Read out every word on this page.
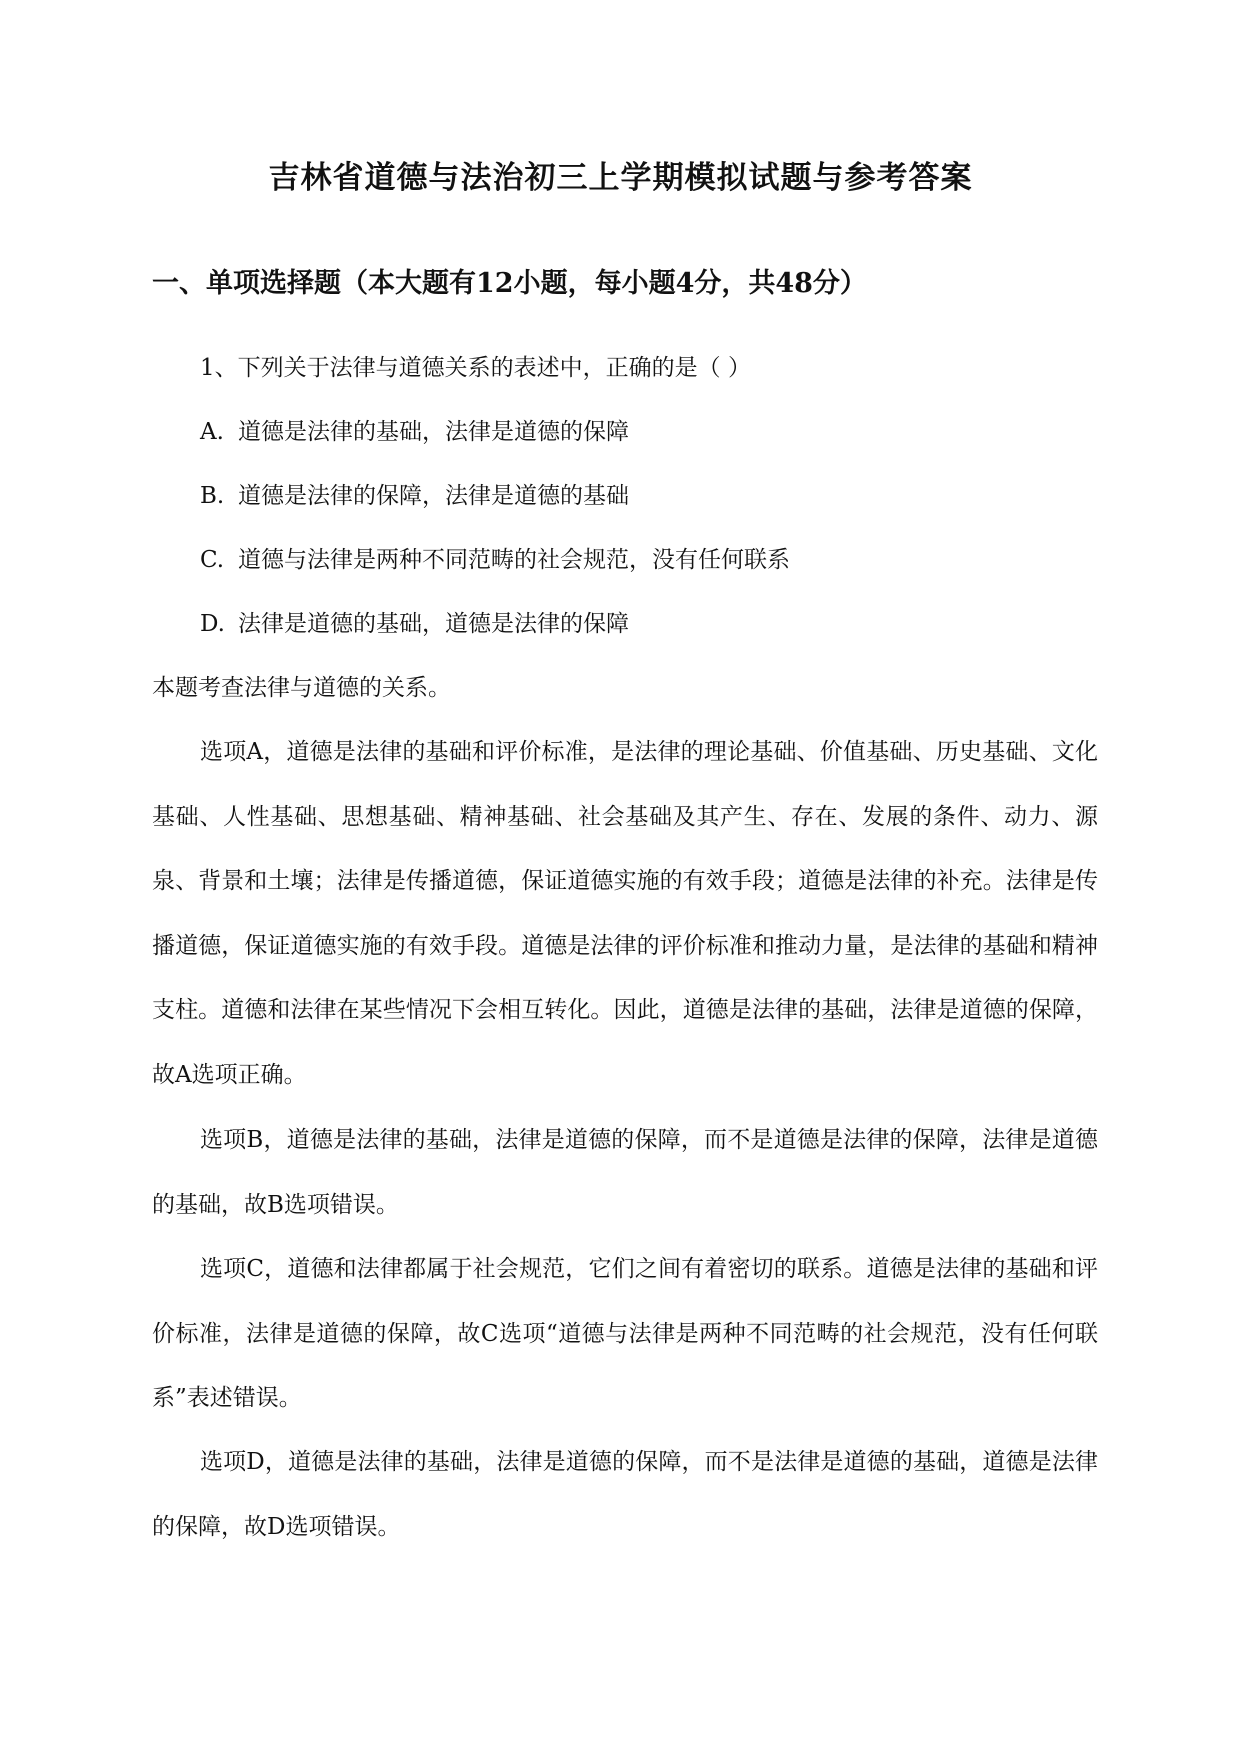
吉林省道德与法治初三上学期模拟试题与参考答案
一、单项选择题（本大题有12小题，每小题4分，共48分）

1、下列关于法律与道德关系的表述中，正确的是（ ）

A. 道德是法律的基础，法律是道德的保障
B. 道德是法律的保障，法律是道德的基础
C. 道德与法律是两种不同范畴的社会规范，没有任何联系
D. 法律是道德的基础，道德是法律的保障

本题考查法律与道德的关系。

选项A，道德是法律的基础和评价标准，是法律的理论基础、价值基础、历史基础、文化基础、人性基础、思想基础、精神基础、社会基础及其产生、存在、发展的条件、动力、源泉、背景和土壤；法律是传播道德，保证道德实施的有效手段；道德是法律的补充。法律是传播道德，保证道德实施的有效手段。道德是法律的评价标准和推动力量，是法律的基础和精神支柱。道德和法律在某些情况下会相互转化。因此，道德是法律的基础，法律是道德的保障，故A选项正确。

选项B，道德是法律的基础，法律是道德的保障，而不是道德是法律的保障，法律是道德的基础，故B选项错误。

选项C，道德和法律都属于社会规范，它们之间有着密切的联系。道德是法律的基础和评价标准，法律是道德的保障，故C选项“道德与法律是两种不同范畴的社会规范，没有任何联系”表述错误。

选项D，道德是法律的基础，法律是道德的保障，而不是法律是道德的基础，道德是法律的保障，故D选项错误。
